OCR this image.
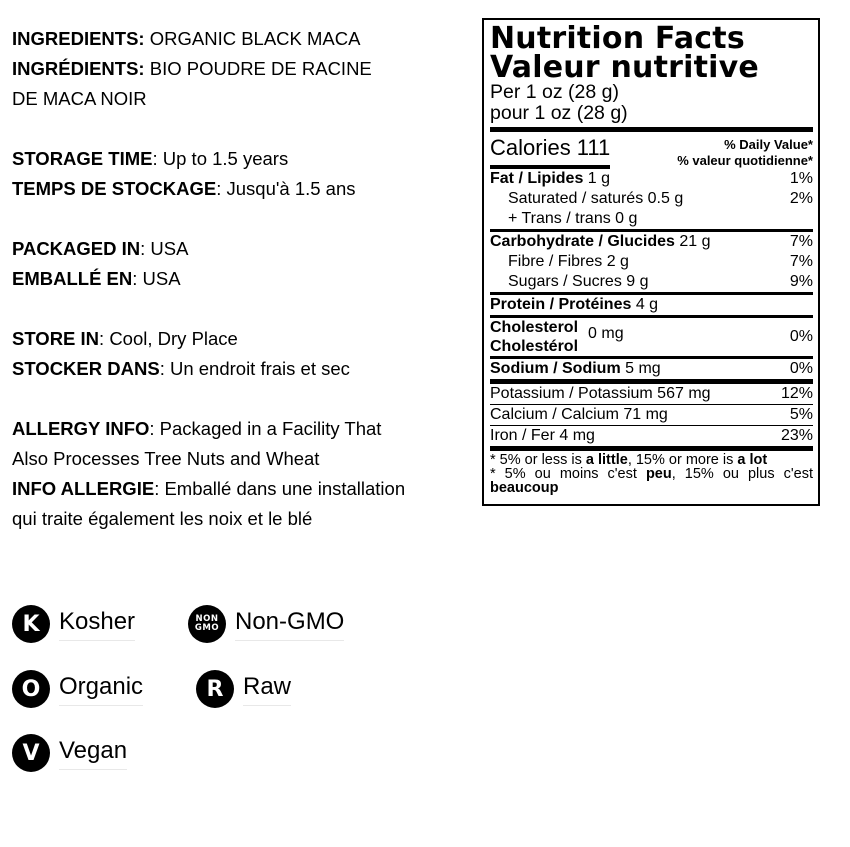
INGREDIENTS: ORGANIC BLACK MACA
INGRÉDIENTS: BIO POUDRE DE RACINE
DE MACA NOIR
STORAGE TIME: Up to 1.5 years
TEMPS DE STOCKAGE: Jusqu'à 1.5 ans
PACKAGED IN: USA
EMBALLÉ EN: USA
STORE IN: Cool, Dry Place
STOCKER DANS: Un endroit frais et sec
ALLERGY INFO: Packaged in a Facility That
Also Processes Tree Nuts and Wheat
INFO ALLERGIE: Emballé dans une installation
qui traite également les noix et le blé
K Kosher	NON
GMO Non-GMO
O Organic	R Raw
V Vegan
Nutrition Facts
Valeur nutritive
Per 1 oz (28 g)
pour 1 oz (28 g)
Calories 111	% Daily Value*
% valeur quotidienne*
Fat / Lipides 1 g	1%
Saturated / saturés 0.5 g	2%
+ Trans / trans 0 g
Carbohydrate / Glucides 21 g	7%
Fibre / Fibres 2 g	7%
Sugars / Sucres 9 g	9%
Protein / Protéines 4 g
Cholesterol
Cholestérol
0 mg	0%
Sodium / Sodium 5 mg	0%
Potassium / Potassium 567 mg	12%
Calcium / Calcium 71 mg	5%
Iron / Fer 4 mg	23%
* 5% or less is a little, 15% or more is a lot
* 5% ou moins c'est peu, 15% ou plus c'est beaucoup
